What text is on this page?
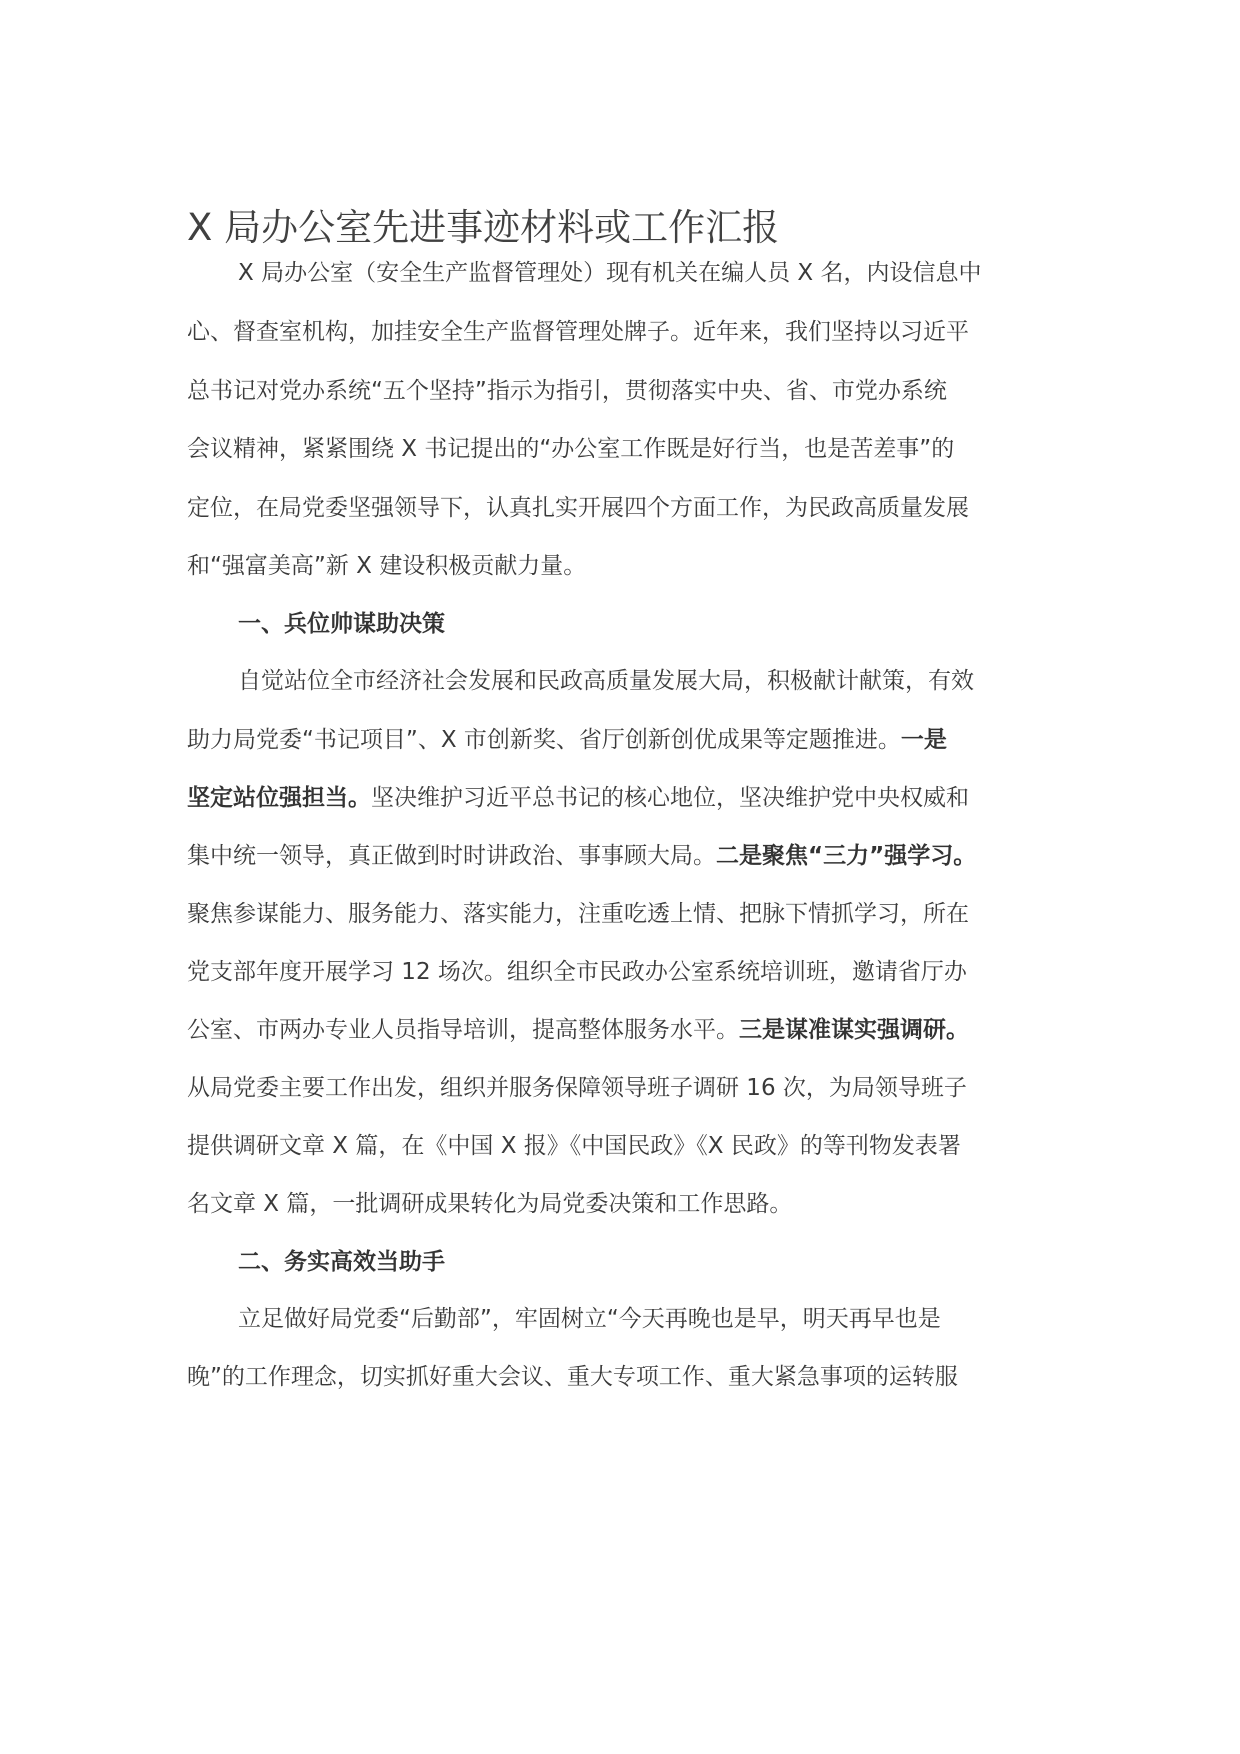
X 局办公室先进事迹材料或工作汇报
X 局办公室（安全生产监督管理处）现有机关在编人员 X 名，内设信息中
心、督查室机构，加挂安全生产监督管理处牌子。近年来，我们坚持以习近平
总书记对党办系统“五个坚持”指示为指引，贯彻落实中央、省、市党办系统
会议精神，紧紧围绕 X 书记提出的“办公室工作既是好行当，也是苦差事”的
定位，在局党委坚强领导下，认真扎实开展四个方面工作，为民政高质量发展
和“强富美高”新 X 建设积极贡献力量。
一、兵位帅谋助决策
自觉站位全市经济社会发展和民政高质量发展大局，积极献计献策，有效
助力局党委“书记项目”、X 市创新奖、省厅创新创优成果等定题推进。一是
坚定站位强担当。坚决维护习近平总书记的核心地位，坚决维护党中央权威和
集中统一领导，真正做到时时讲政治、事事顾大局。二是聚焦“三力”强学习。
聚焦参谋能力、服务能力、落实能力，注重吃透上情、把脉下情抓学习，所在
党支部年度开展学习 12 场次。组织全市民政办公室系统培训班，邀请省厅办
公室、市两办专业人员指导培训，提高整体服务水平。三是谋准谋实强调研。
从局党委主要工作出发，组织并服务保障领导班子调研 16 次，为局领导班子
提供调研文章 X 篇，在《中国 X 报》《中国民政》《X 民政》的等刊物发表署
名文章 X 篇，一批调研成果转化为局党委决策和工作思路。
二、务实高效当助手
立足做好局党委“后勤部”，牢固树立“今天再晚也是早，明天再早也是
晚”的工作理念，切实抓好重大会议、重大专项工作、重大紧急事项的运转服
